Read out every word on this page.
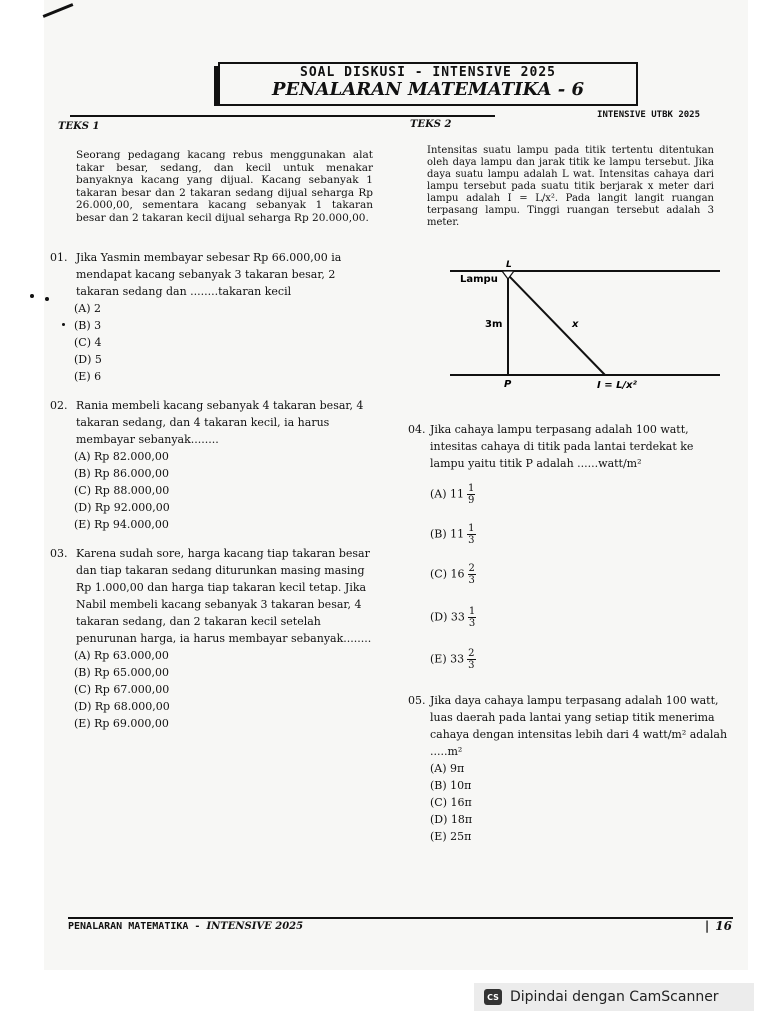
SOAL DISKUSI - INTENSIVE 2025
PENALARAN MATEMATIKA - 6
INTENSIVE UTBK 2025
TEKS 1	TEKS 2
Seorang pedagang kacang rebus menggunakan alat takar besar, sedang, dan kecil untuk menakar banyaknya kacang yang dijual. Kacang sebanyak 1 takaran besar dan 2 takaran sedang dijual seharga Rp 26.000,00, sementara kacang sebanyak 1 takaran besar dan 2 takaran kecil dijual seharga Rp 20.000,00.
Intensitas suatu lampu pada titik tertentu ditentukan oleh daya lampu dan jarak titik ke lampu tersebut. Jika daya suatu lampu adalah L wat. Intensitas cahaya dari lampu tersebut pada suatu titik berjarak x meter dari lampu adalah I = L/x². Pada langit langit ruangan terpasang lampu. Tinggi ruangan tersebut adalah 3 meter.
01. Jika Yasmin membayar sebesar Rp 66.000,00 ia mendapat kacang sebanyak 3 takaran besar, 2 takaran sedang dan ........takaran kecil
(A) 2
(B) 3
(C) 4
(D) 5
(E) 6
02. Rania membeli kacang sebanyak 4 takaran besar, 4 takaran sedang, dan 4 takaran kecil, ia harus membayar sebanyak........
(A) Rp 82.000,00
(B) Rp 86.000,00
(C) Rp 88.000,00
(D) Rp 92.000,00
(E) Rp 94.000,00
03. Karena sudah sore, harga kacang tiap takaran besar dan tiap takaran sedang diturunkan masing masing Rp 1.000,00 dan harga tiap takaran kecil tetap. Jika Nabil membeli kacang sebanyak 3 takaran besar, 4 takaran sedang, dan 2 takaran kecil setelah penurunan harga, ia harus membayar sebanyak........
(A) Rp 63.000,00
(B) Rp 65.000,00
(C) Rp 67.000,00
(D) Rp 68.000,00
(E) Rp 69.000,00
Lampu
L
3m	x
P	I = L/x²
04. Jika cahaya lampu terpasang adalah 100 watt, intesitas cahaya di titik pada lantai terdekat ke lampu yaitu titik P adalah ......watt/m²
(A) $11 \frac{1}{9}$
(B) $11 \frac{1}{3}$
(C) $16 \frac{2}{3}$
(D) $33 \frac{1}{3}$
(E) $33 \frac{2}{3}$
05. Jika daya cahaya lampu terpasang adalah 100 watt, luas daerah pada lantai yang setiap titik menerima cahaya dengan intensitas lebih dari 4 watt/m² adalah .....m²
(A) 9π
(B) 10π
(C) 16π
(D) 18π
(E) 25π
PENALARAN MATEMATIKA - INTENSIVE 2025	| 16
CS Dipindai dengan CamScanner
